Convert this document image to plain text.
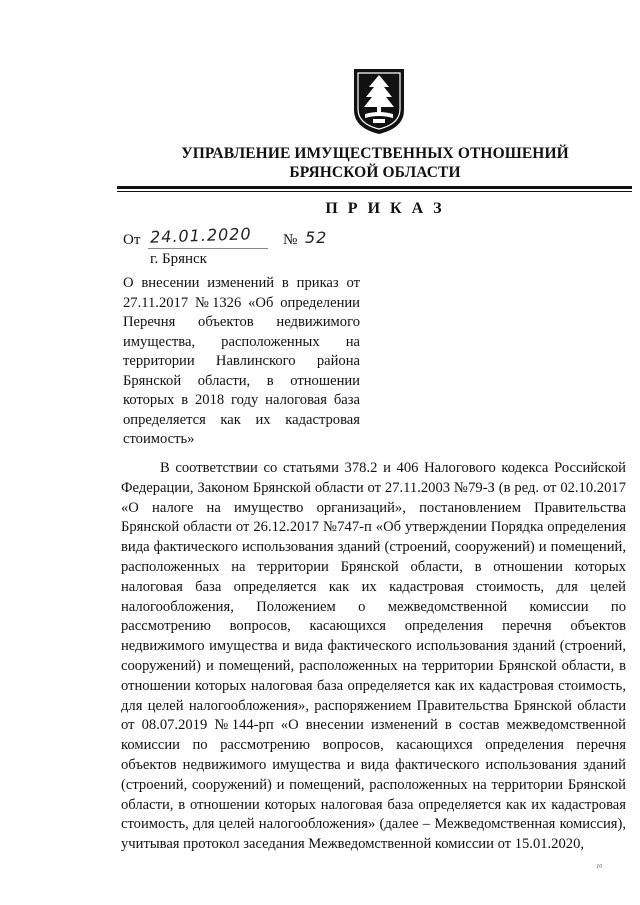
УПРАВЛЕНИЕ ИМУЩЕСТВЕННЫХ ОТНОШЕНИЙ
БРЯНСКОЙ ОБЛАСТИ
П Р И К А З
От 24.01.2020 № 52
г. Брянск
О внесении изменений в приказ от 27.11.2017 №1326 «Об определении Перечня объектов недвижимого имущества, расположенных на территории Навлинского района Брянской области, в отношении которых в 2018 году налоговая база определяется как их кадастровая стоимость»
В соответствии со статьями 378.2 и 406 Налогового кодекса Российской Федерации, Законом Брянской области от 27.11.2003 №79-З (в ред. от 02.10.2017 «О налоге на имущество организаций», постановлением Правительства Брянской области от 26.12.2017 №747-п «Об утверждении Порядка определения вида фактического использования зданий (строений, сооружений) и помещений, расположенных на территории Брянской области, в отношении которых налоговая база определяется как их кадастровая стоимость, для целей налогообложения, Положением о межведомственной комиссии по рассмотрению вопросов, касающихся определения перечня объектов недвижимого имущества и вида фактического использования зданий (строений, сооружений) и помещений, расположенных на территории Брянской области, в отношении которых налоговая база определяется как их кадастровая стоимость, для целей налогообложения», распоряжением Правительства Брянской области от 08.07.2019 №144-рп «О внесении изменений в состав межведомственной комиссии по рассмотрению вопросов, касающихся определения перечня объектов недвижимого имущества и вида фактического использования зданий (строений, сооружений) и помещений, расположенных на территории Брянской области, в отношении которых налоговая база определяется как их кадастровая стоимость, для целей налогообложения» (далее – Межведомственная комиссия), учитывая протокол заседания Межведомственной комиссии от 15.01.2020,
₁₀
